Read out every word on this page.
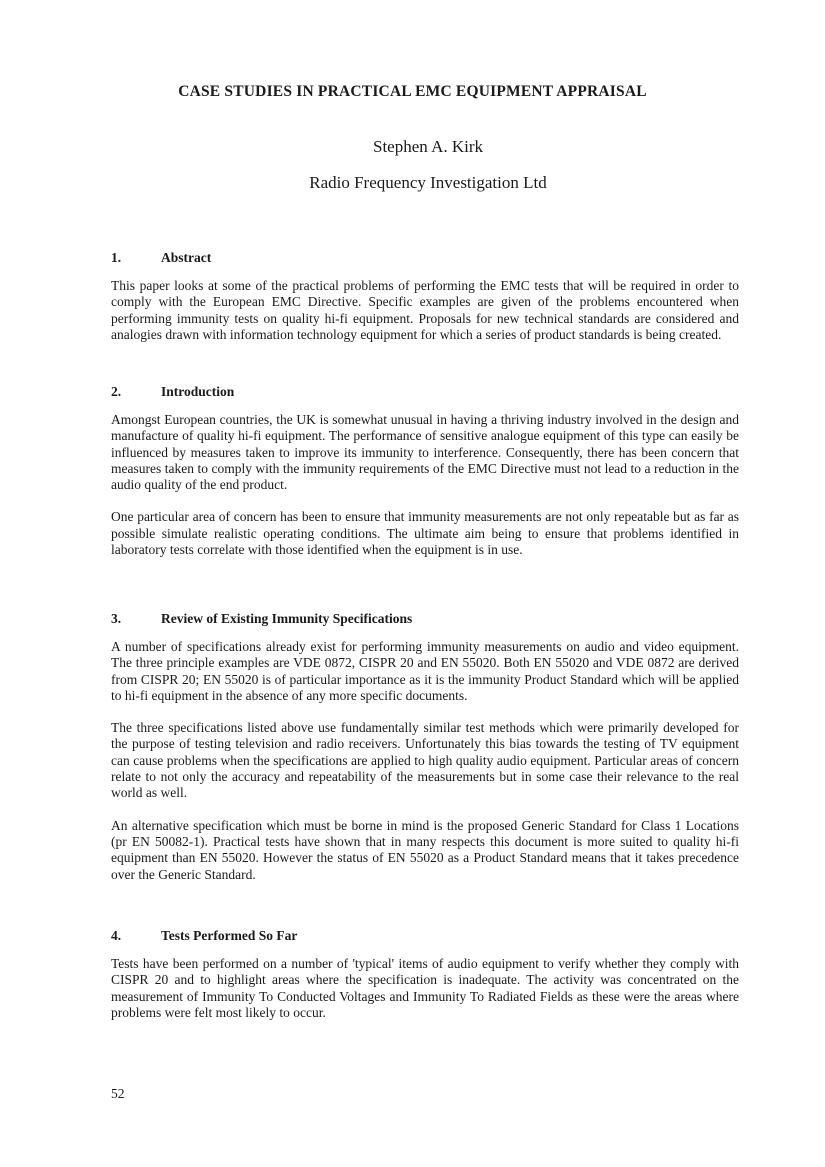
CASE STUDIES IN PRACTICAL EMC EQUIPMENT APPRAISAL
Stephen A. Kirk
Radio Frequency Investigation Ltd
1.	Abstract

This paper looks at some of the practical problems of performing the EMC tests that will be required in order to comply with the European EMC Directive. Specific examples are given of the problems encountered when performing immunity tests on quality hi-fi equipment. Proposals for new technical standards are considered and analogies drawn with information technology equipment for which a series of product standards is being created.

2.	Introduction

Amongst European countries, the UK is somewhat unusual in having a thriving industry involved in the design and manufacture of quality hi-fi equipment. The performance of sensitive analogue equipment of this type can easily be influenced by measures taken to improve its immunity to interference. Consequently, there has been concern that measures taken to comply with the immunity requirements of the EMC Directive must not lead to a reduction in the audio quality of the end product.

One particular area of concern has been to ensure that immunity measurements are not only repeatable but as far as possible simulate realistic operating conditions. The ultimate aim being to ensure that problems identified in laboratory tests correlate with those identified when the equipment is in use.

3.	Review of Existing Immunity Specifications

A number of specifications already exist for performing immunity measurements on audio and video equipment. The three principle examples are VDE 0872, CISPR 20 and EN 55020. Both EN 55020 and VDE 0872 are derived from CISPR 20; EN 55020 is of particular importance as it is the immunity Product Standard which will be applied to hi-fi equipment in the absence of any more specific documents.

The three specifications listed above use fundamentally similar test methods which were primarily developed for the purpose of testing television and radio receivers. Unfortunately this bias towards the testing of TV equipment can cause problems when the specifications are applied to high quality audio equipment. Particular areas of concern relate to not only the accuracy and repeatability of the measurements but in some case their relevance to the real world as well.

An alternative specification which must be borne in mind is the proposed Generic Standard for Class 1 Locations (pr EN 50082-1). Practical tests have shown that in many respects this document is more suited to quality hi-fi equipment than EN 55020. However the status of EN 55020 as a Product Standard means that it takes precedence over the Generic Standard.

4.	Tests Performed So Far

Tests have been performed on a number of 'typical' items of audio equipment to verify whether they comply with CISPR 20 and to highlight areas where the specification is inadequate. The activity was concentrated on the measurement of Immunity To Conducted Voltages and Immunity To Radiated Fields as these were the areas where problems were felt most likely to occur.

52
